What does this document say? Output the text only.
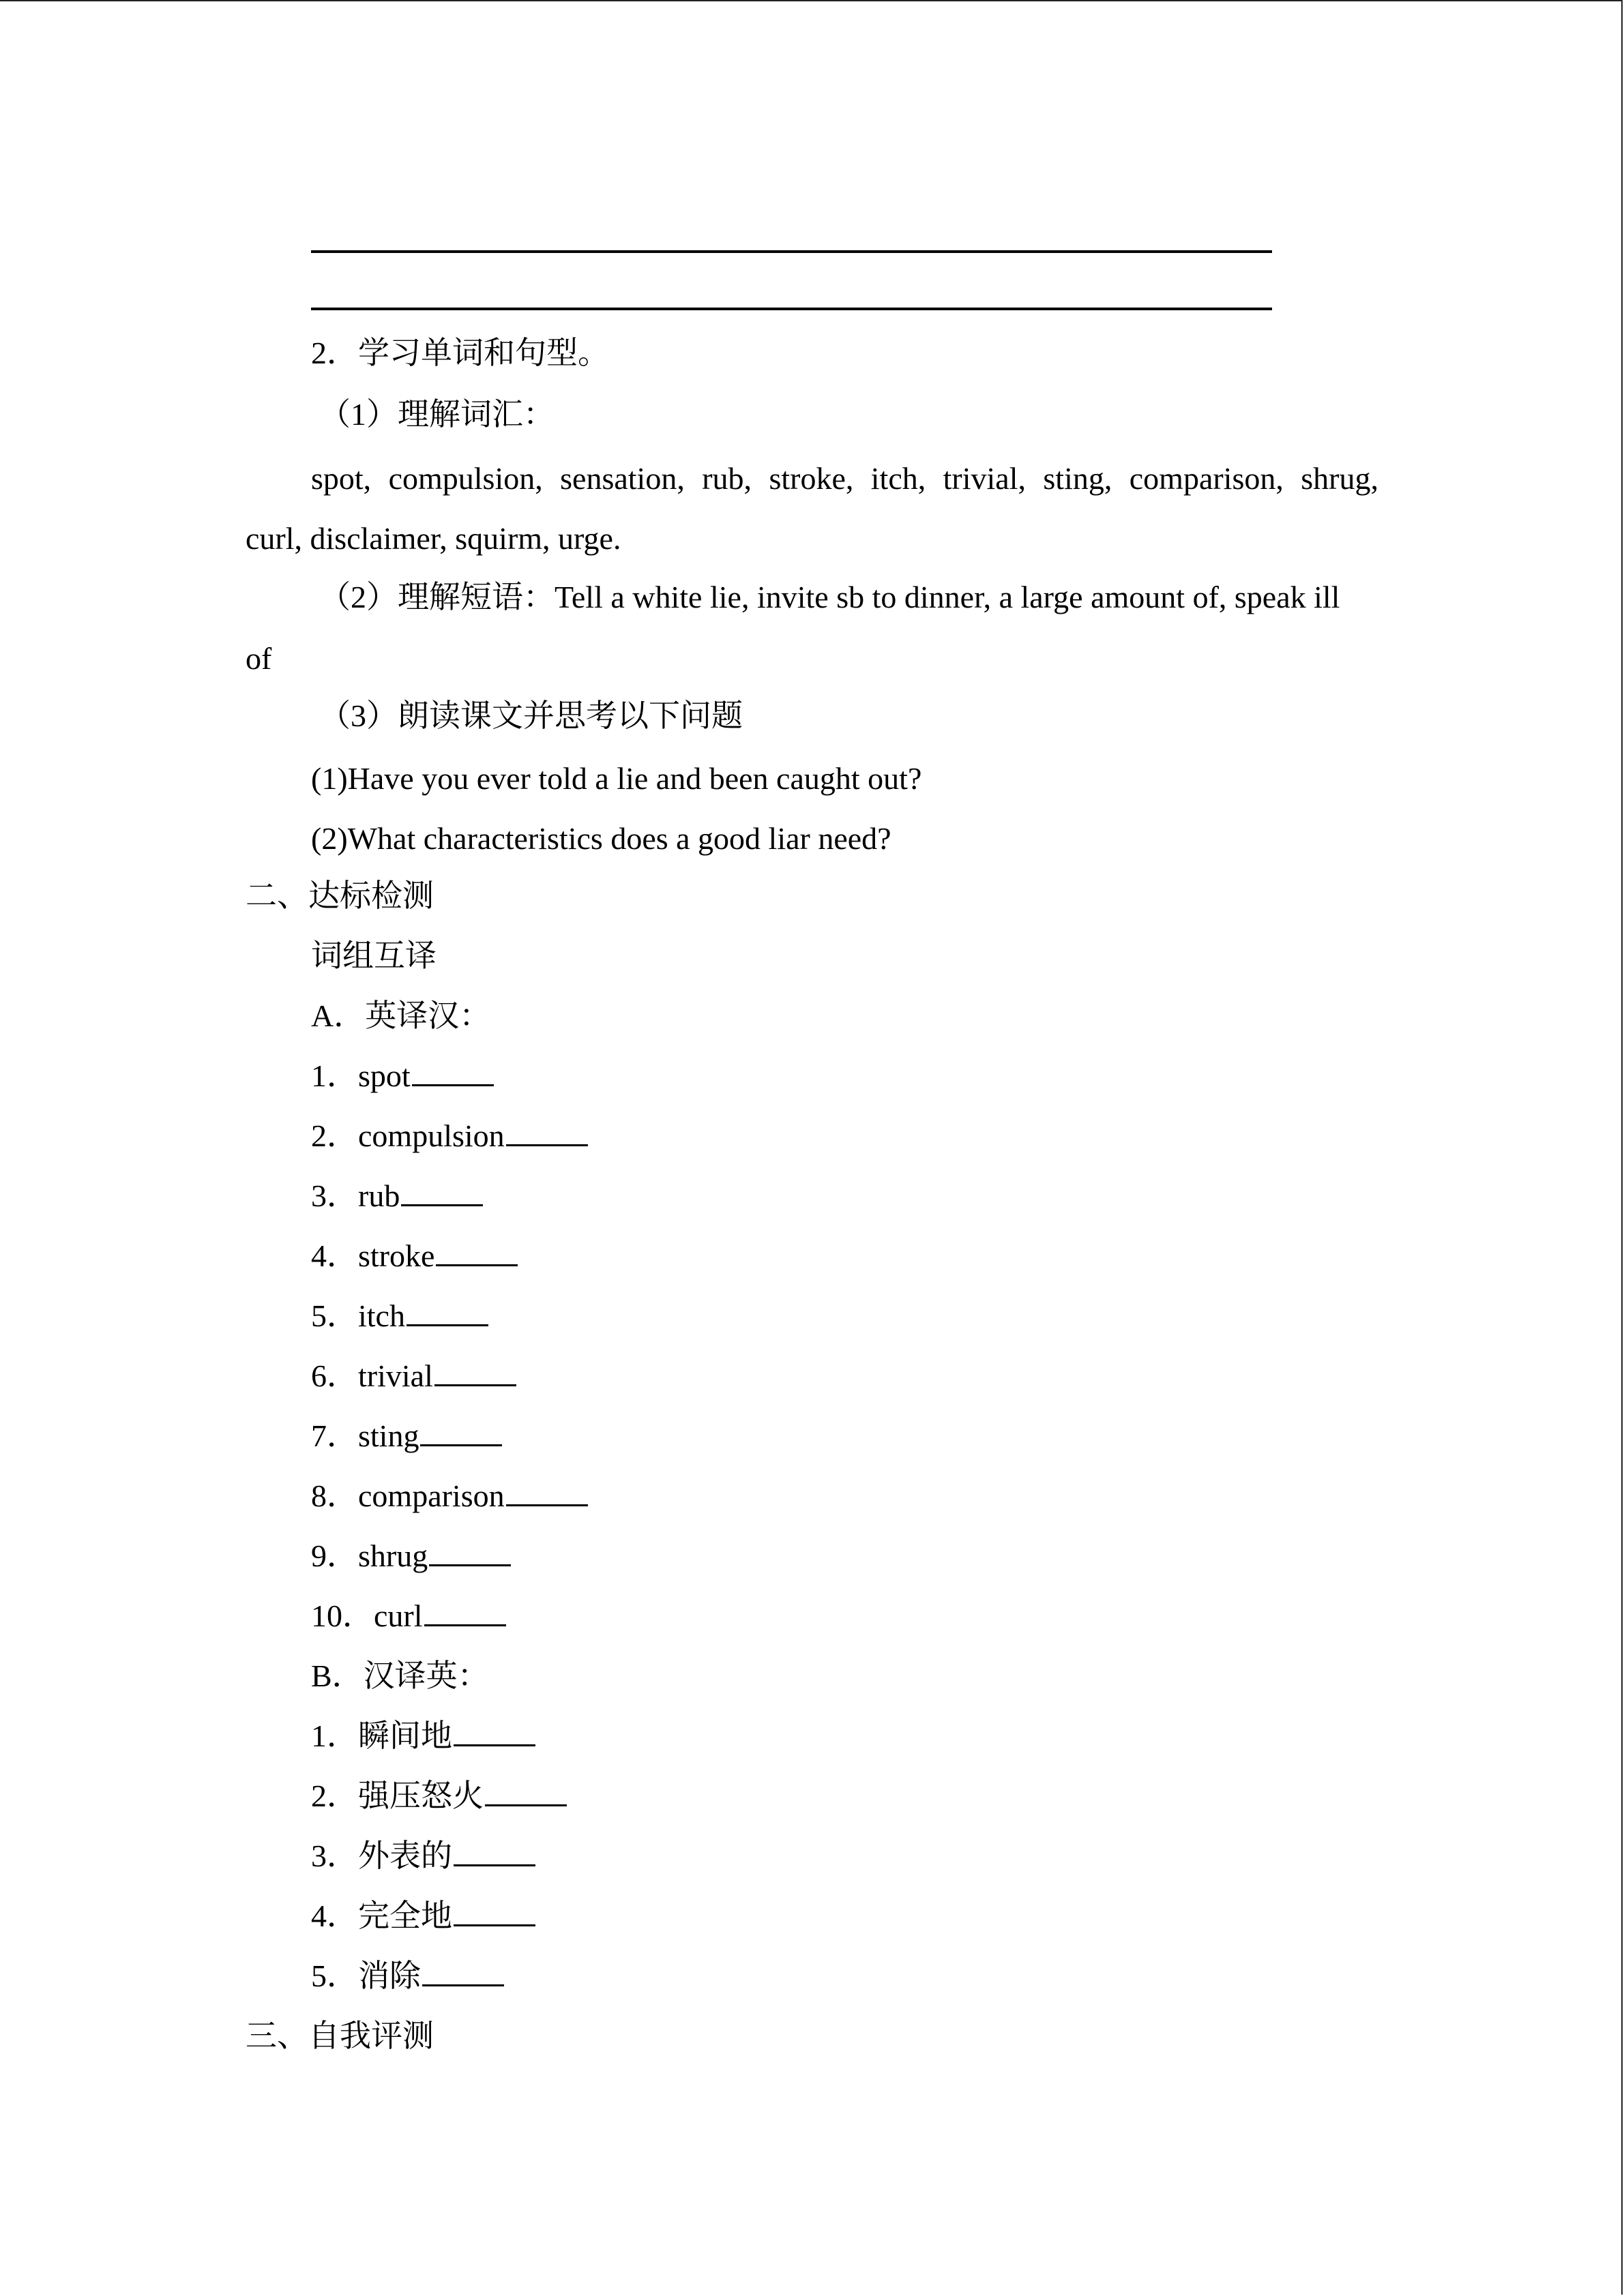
2．学习单词和句型。
（1）理解词汇：
spot, compulsion, sensation, rub, stroke, itch, trivial, sting, comparison, shrug,
curl, disclaimer, squirm, urge.
（2）理解短语：Tell a white lie, invite sb to dinner, a large amount of, speak ill
of
（3）朗读课文并思考以下问题
(1)Have you ever told a lie and been caught out?
(2)What characteristics does a good liar need?
二、达标检测
词组互译
A．英译汉：
1．spot
2．compulsion
3．rub
4．stroke
5．itch
6．trivial
7．sting
8．comparison
9．shrug
10．curl
B．汉译英：
1．瞬间地
2．强压怒火
3．外表的
4．完全地
5．消除
三、自我评测
